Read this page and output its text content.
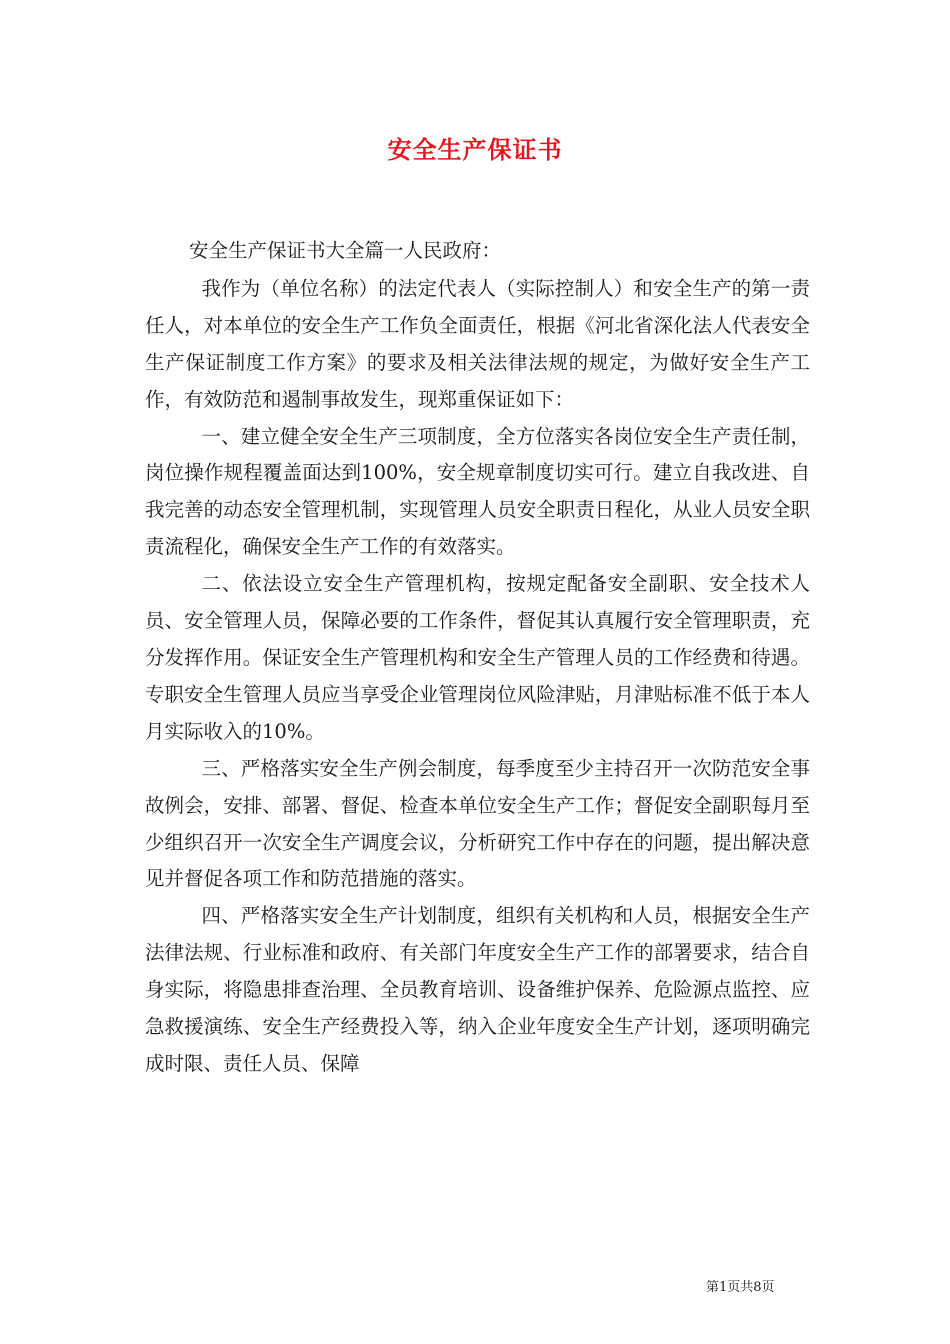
安全生产保证书

安全生产保证书大全篇一人民政府：

我作为（单位名称）的法定代表人（实际控制人）和安全生产的第一责任人，对本单位的安全生产工作负全面责任，根据《河北省深化法人代表安全生产保证制度工作方案》的要求及相关法律法规的规定，为做好安全生产工作，有效防范和遏制事故发生，现郑重保证如下：

一、建立健全安全生产三项制度，全方位落实各岗位安全生产责任制，岗位操作规程覆盖面达到100%，安全规章制度切实可行。建立自我改进、自我完善的动态安全管理机制，实现管理人员安全职责日程化，从业人员安全职责流程化，确保安全生产工作的有效落实。

二、依法设立安全生产管理机构，按规定配备安全副职、安全技术人员、安全管理人员，保障必要的工作条件，督促其认真履行安全管理职责，充分发挥作用。保证安全生产管理机构和安全生产管理人员的工作经费和待遇。专职安全生管理人员应当享受企业管理岗位风险津贴，月津贴标准不低于本人月实际收入的10%。

三、严格落实安全生产例会制度，每季度至少主持召开一次防范安全事故例会，安排、部署、督促、检查本单位安全生产工作；督促安全副职每月至少组织召开一次安全生产调度会议，分析研究工作中存在的问题，提出解决意见并督促各项工作和防范措施的落实。

四、严格落实安全生产计划制度，组织有关机构和人员，根据安全生产法律法规、行业标准和政府、有关部门年度安全生产工作的部署要求，结合自身实际，将隐患排查治理、全员教育培训、设备维护保养、危险源点监控、应急救援演练、安全生产经费投入等，纳入企业年度安全生产计划，逐项明确完成时限、责任人员、保障

第1页共8页
